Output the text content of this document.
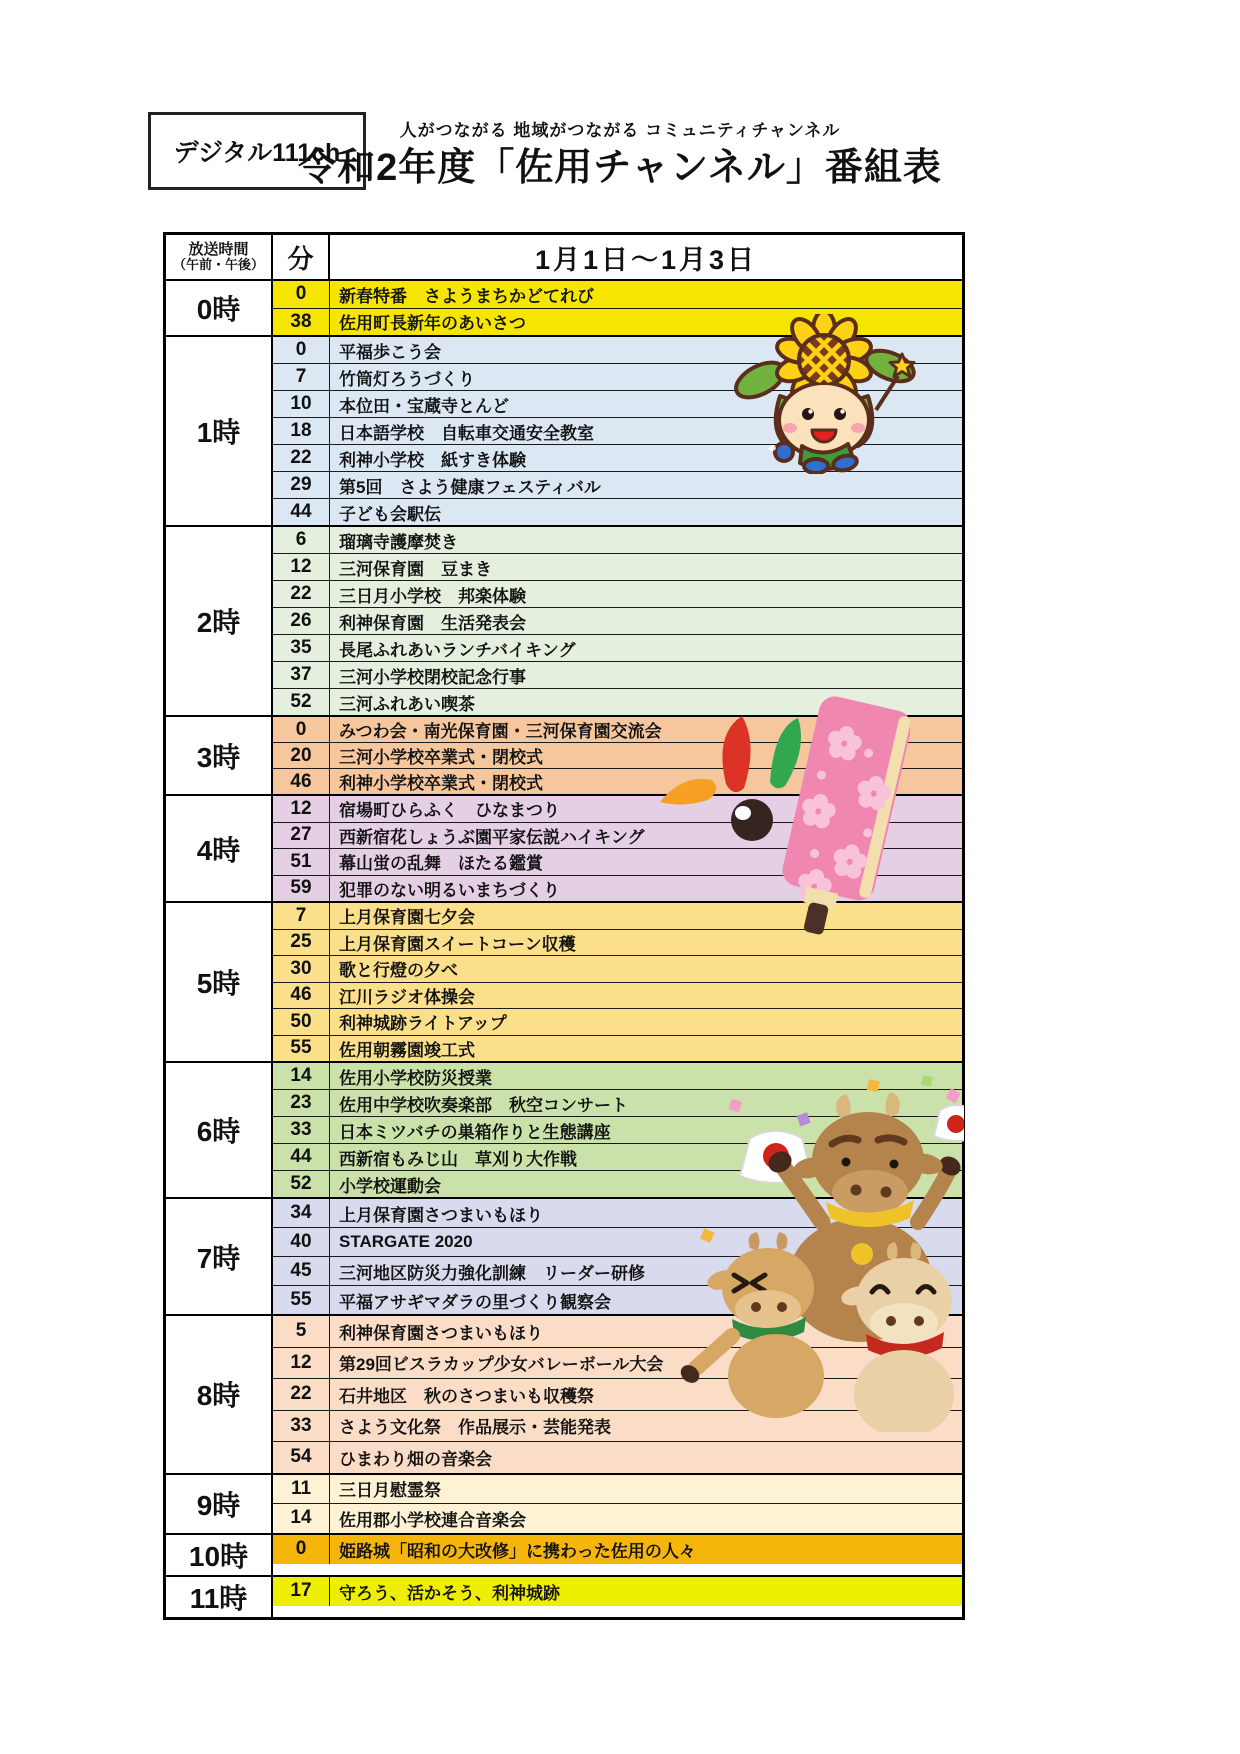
デジタル111ch
人がつながる 地域がつながる コミュニティチャンネル
令和2年度「佐用チャンネル」番組表
放送時間
（午前・午後） 分	1月1日～1月3日
0時
0	新春特番　さようまちかどてれび
38	佐用町長新年のあいさつ
1時
0	平福歩こう会
7	竹筒灯ろうづくり
10	本位田・宝蔵寺とんど
18	日本語学校　自転車交通安全教室
22	利神小学校　紙すき体験
29	第5回　さよう健康フェスティバル
44	子ども会駅伝
2時
6	瑠璃寺護摩焚き
12	三河保育園　豆まき
22	三日月小学校　邦楽体験
26	利神保育園　生活発表会
35	長尾ふれあいランチバイキング
37	三河小学校閉校記念行事
52	三河ふれあい喫茶
3時
0	みつわ会・南光保育園・三河保育園交流会
20	三河小学校卒業式・閉校式
46	利神小学校卒業式・閉校式
4時
12	宿場町ひらふく　ひなまつり
27	西新宿花しょうぶ園平家伝説ハイキング
51	幕山蛍の乱舞　ほたる鑑賞
59	犯罪のない明るいまちづくり
5時
7	上月保育園七夕会
25	上月保育園スイートコーン収穫
30	歌と行燈の夕べ
46	江川ラジオ体操会
50	利神城跡ライトアップ
55	佐用朝霧園竣工式
6時
14	佐用小学校防災授業
23	佐用中学校吹奏楽部　秋空コンサート
33	日本ミツバチの巣箱作りと生態講座
44	西新宿もみじ山　草刈り大作戦
52	小学校運動会
7時
34	上月保育園さつまいもほり
40	STARGATE 2020
45	三河地区防災力強化訓練　リーダー研修
55	平福アサギマダラの里づくり観察会
8時
5	利神保育園さつまいもほり
12	第29回ビスラカップ少女バレーボール大会
22	石井地区　秋のさつまいも収穫祭
33	さよう文化祭　作品展示・芸能発表
54	ひまわり畑の音楽会
9時
11	三日月慰霊祭
14	佐用郡小学校連合音楽会
10時	0	姫路城「昭和の大改修」に携わった佐用の人々
11時	17	守ろう、活かそう、利神城跡
